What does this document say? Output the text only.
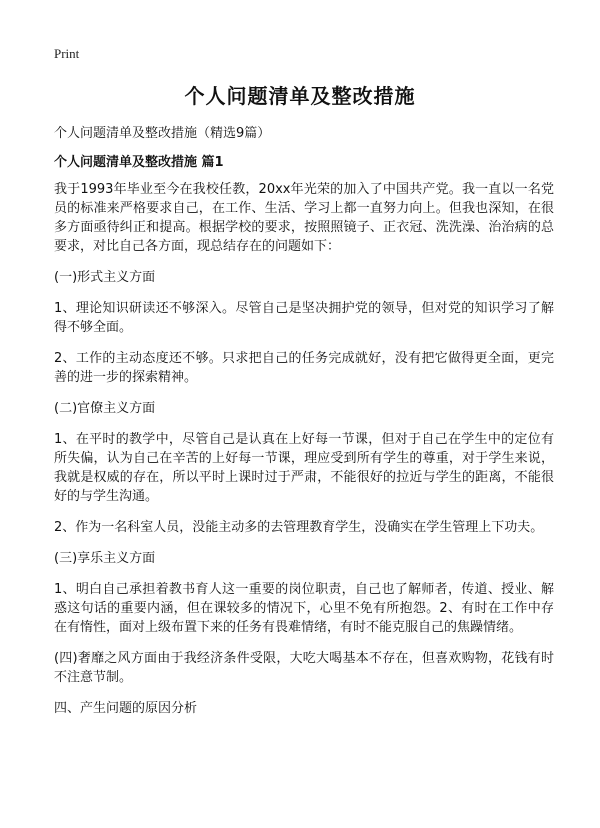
Print
个人问题清单及整改措施
个人问题清单及整改措施（精选9篇）
个人问题清单及整改措施 篇1

我于1993年毕业至今在我校任教，20xx年光荣的加入了中国共产党。我一直以一名党员的标准来严格要求自己，在工作、生活、学习上都一直努力向上。但我也深知，在很多方面亟待纠正和提高。根据学校的要求，按照照镜子、正衣冠、洗洗澡、治治病的总要求，对比自己各方面，现总结存在的问题如下：

(一)形式主义方面

1、理论知识研读还不够深入。尽管自己是坚决拥护党的领导，但对党的知识学习了解得不够全面。

2、工作的主动态度还不够。只求把自己的任务完成就好，没有把它做得更全面，更完善的进一步的探索精神。

(二)官僚主义方面

1、在平时的教学中，尽管自己是认真在上好每一节课，但对于自己在学生中的定位有所失偏，认为自己在辛苦的上好每一节课，理应受到所有学生的尊重，对于学生来说，我就是权威的存在，所以平时上课时过于严肃，不能很好的拉近与学生的距离，不能很好的与学生沟通。

2、作为一名科室人员，没能主动多的去管理教育学生，没确实在学生管理上下功夫。

(三)享乐主义方面

1、明白自己承担着教书育人这一重要的岗位职责，自己也了解师者，传道、授业、解惑这句话的重要内涵，但在课较多的情况下，心里不免有所抱怨。2、有时在工作中存在有惰性，面对上级布置下来的任务有畏难情绪，有时不能克服自己的焦躁情绪。

(四)奢靡之风方面由于我经济条件受限，大吃大喝基本不存在，但喜欢购物，花钱有时不注意节制。

四、产生问题的原因分析
